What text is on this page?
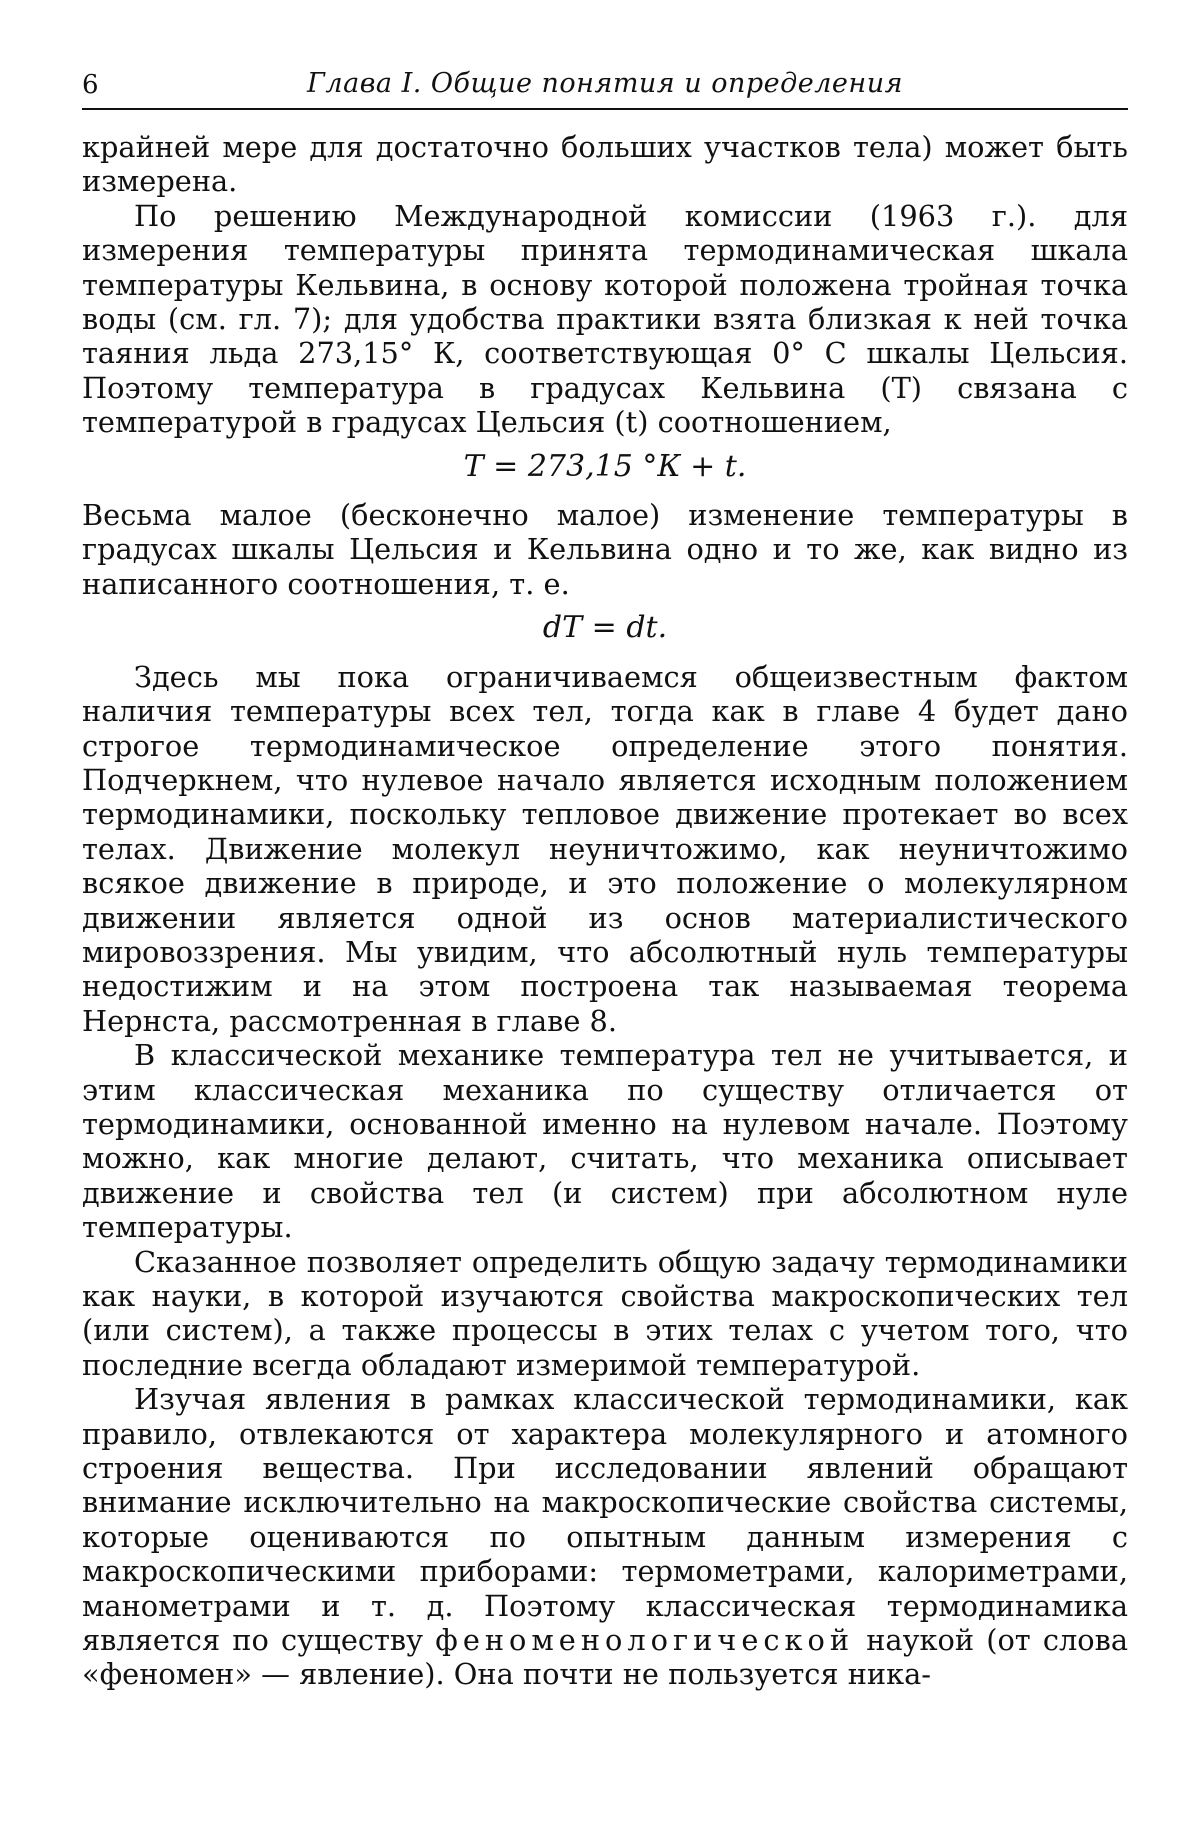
6	Глава I. Общие понятия и определения

крайней мере для достаточно больших участков тела) может быть измерена.

По решению Международной комиссии (1963 г.). для измерения температуры принята термодинамическая шкала температуры Кельвина, в основу которой положена тройная точка воды (см. гл. 7); для удобства практики взята близкая к ней точка таяния льда 273,15° К, соответствующая 0° С шкалы Цельсия. Поэтому температура в градусах Кельвина (T) связана с температурой в градусах Цельсия (t) соотношением,

T = 273,15 °К + t.

Весьма малое (бесконечно малое) изменение температуры в градусах шкалы Цельсия и Кельвина одно и то же, как видно из написанного соотношения, т. е.

dT = dt.

Здесь мы пока ограничиваемся общеизвестным фактом наличия температуры всех тел, тогда как в главе 4 будет дано строгое термодинамическое определение этого понятия. Подчеркнем, что нулевое начало является исходным положением термодинамики, поскольку тепловое движение протекает во всех телах. Движение молекул неуничтожимо, как неуничтожимо всякое движение в природе, и это положение о молекулярном движении является одной из основ материалистического мировоззрения. Мы увидим, что абсолютный нуль температуры недостижим и на этом построена так называемая теорема Нернста, рассмотренная в главе 8.

В классической механике температура тел не учитывается, и этим классическая механика по существу отличается от термодинамики, основанной именно на нулевом начале. Поэтому можно, как многие делают, считать, что механика описывает движение и свойства тел (и систем) при абсолютном нуле температуры.

Сказанное позволяет определить общую задачу термодинамики как науки, в которой изучаются свойства макроскопических тел (или систем), а также процессы в этих телах с учетом того, что последние всегда обладают измеримой температурой.

Изучая явления в рамках классической термодинамики, как правило, отвлекаются от характера молекулярного и атомного строения вещества. При исследовании явлений обращают внимание исключительно на макроскопические свойства системы, которые оцениваются по опытным данным измерения с макроскопическими приборами: термометрами, калориметрами, манометрами и т. д. Поэтому классическая термодинамика является по существу феноменологической наукой (от слова «феномен» — явление). Она почти не пользуется ника-
